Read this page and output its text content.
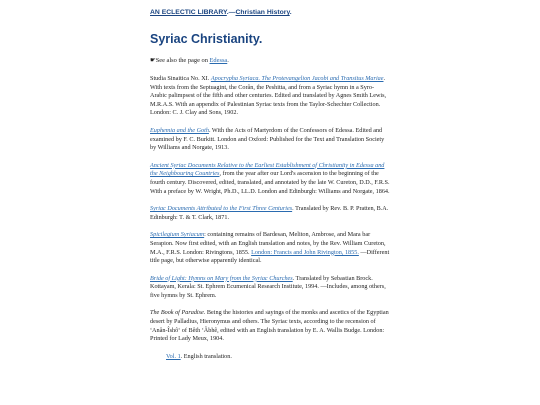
AN ECLECTIC LIBRARY.—Christian History.
Syriac Christianity.

☛See also the page on Edessa.

Studia Sinaitica No. XI. Apocrypha Syriaca. The Protevangelion Jacobi and Transitus Mariae. With texts from the Septuagint, the Corân, the Peshitta, and from a Syriac hymn in a Syro-Arabic palimpsest of the fifth and other centuries. Edited and translated by Agnes Smith Lewis, M.R.A.S. With an appendix of Palestinian Syriac texts from the Taylor-Schechter Collection. London: C. J. Clay and Sons, 1902.

Euphemia and the Goth. With the Acts of Martyrdom of the Confessors of Edessa. Edited and examined by F. C. Burkitt. London and Oxford: Published for the Text and Translation Society by Williams and Norgate, 1913.

Ancient Syriac Documents Relative to the Earliest Establishment of Christianity in Edessa and the Neighbouring Countries, from the year after our Lord's ascension to the beginning of the fourth century. Discovered, edited, translated, and annotated by the late W. Cureton, D.D., F.R.S. With a preface by W. Wright, Ph.D., LL.D. London and Edinburgh: Williams and Norgate, 1864.

Syriac Documents Attributed to the First Three Centuries. Translated by Rev. B. P. Pratten, B.A. Edinburgh: T. & T. Clark, 1871.

Spicilegium Syriacum: containing remains of Bardesan, Meliton, Ambrose, and Mara bar Serapion. Now first edited, with an English translation and notes, by the Rev. William Cureton, M.A., F.R.S. London: Rivingtons, 1855. London: Francis and John Rivington, 1855. —Different title page, but otherwise apparently identical.

Bride of Light: Hymns on Mary from the Syriac Churches. Translated by Sebastian Brock. Kottayam, Kerala: St. Ephrem Ecumenical Research Institute, 1994. —Includes, among others, five hymns by St. Ephrem.

The Book of Paradise. Being the histories and sayings of the monks and ascetics of the Egyptian desert by Palladius, Hieronymus and others. The Syriac texts, according to the recension of ‘Anân-Îshô‘ of Bêth ‘Âbhê, edited with an English translation by E. A. Wallis Budge. London: Printed for Lady Meux, 1904.

Vol. 1. English translation.
